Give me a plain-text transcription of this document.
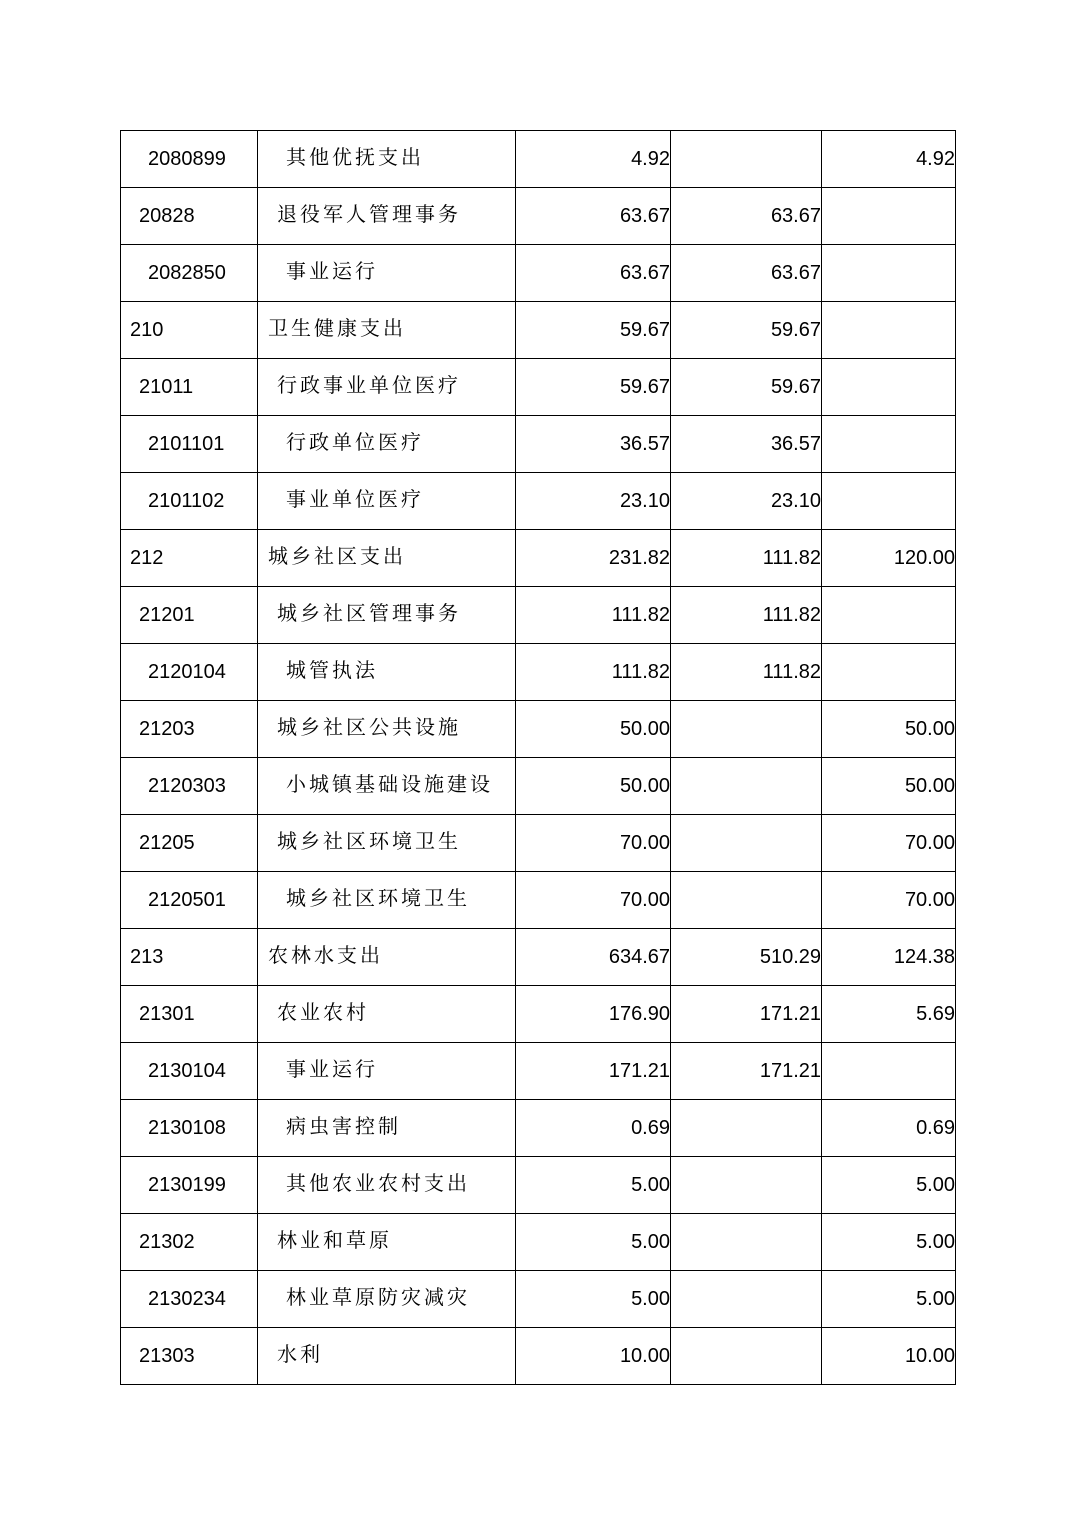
2080899	其他优抚支出	4.92		4.92
20828	退役军人管理事务	63.67	63.67	
2082850	事业运行	63.67	63.67	
210	卫生健康支出	59.67	59.67	
21011	行政事业单位医疗	59.67	59.67	
2101101	行政单位医疗	36.57	36.57	
2101102	事业单位医疗	23.10	23.10	
212	城乡社区支出	231.82	111.82	120.00
21201	城乡社区管理事务	111.82	111.82	
2120104	城管执法	111.82	111.82	
21203	城乡社区公共设施	50.00		50.00
2120303	小城镇基础设施建设	50.00		50.00
21205	城乡社区环境卫生	70.00		70.00
2120501	城乡社区环境卫生	70.00		70.00
213	农林水支出	634.67	510.29	124.38
21301	农业农村	176.90	171.21	5.69
2130104	事业运行	171.21	171.21	
2130108	病虫害控制	0.69		0.69
2130199	其他农业农村支出	5.00		5.00
21302	林业和草原	5.00		5.00
2130234	林业草原防灾减灾	5.00		5.00
21303	水利	10.00		10.00
